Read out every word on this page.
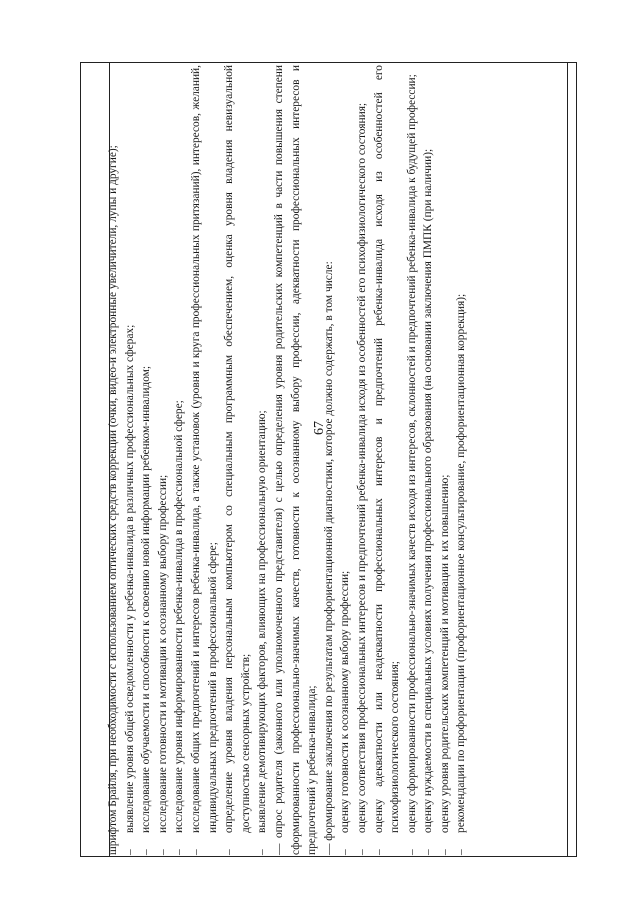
67

шрифтом Брайля, при необходимости с использованием оптических средств коррекции (очки, видео-и электронные увеличители, лупы и другие); –
выявление уровня общей осведомленности у ребенка-инвалида в различных профессиональных сферах;
–
исследование обучаемости и способности к освоению новой информации ребенком-инвалидом;
–
исследование готовности и мотивации к осознанному выбору профессии;
–
исследование уровня информированности ребенка-инвалида в профессиональной сфере;
–
исследование общих предпочтений и интересов ребенка-инвалида, а также установок (уровня и круга профессиональных притязаний), интересов, желаний, индивидуальных предпочтений в профессиональной сфере;
–
определение уровня владения персональным компьютером со специальным программным обеспечением, оценка уровня владения невизуальной доступностью сенсорных устройств;
–
выявление демотивирующих факторов, влияющих на профессиональную ориентацию; — опрос родителя (законного или уполномоченного представителя) с целью определения уровня родительских компетенций в части повышения степени сформированности профессионально-значимых качеств, готовности к осознанному выбору профессии, адекватности профессиональных интересов и предпочтений у ребенка-инвалида; — формирование заключения по результатам профориентационной диагностики, которое должно содержать, в том числе: –
оценку готовности к осознанному выбору профессии;
–
оценку соответствия профессиональных интересов и предпочтений ребенка-инвалида исходя из особенностей его психофизиологического состояния;
–
оценку адекватности или неадекватности профессиональных интересов и предпочтений ребенка-инвалида исходя из особенностей его психофизиологического состояния;
–
оценку сформированности профессионально-значимых качеств исходя из интересов, склонностей и предпочтений ребенка-инвалида к будущей профессии;
–
оценку нуждаемости в специальных условиях получения профессионального образования (на основании заключения ПМПК (при наличии);
–
оценку уровня родительских компетенций и мотивации к их повышению;
–
рекомендации по профориентации (профориентационное консультирование, профориентационная коррекция);
